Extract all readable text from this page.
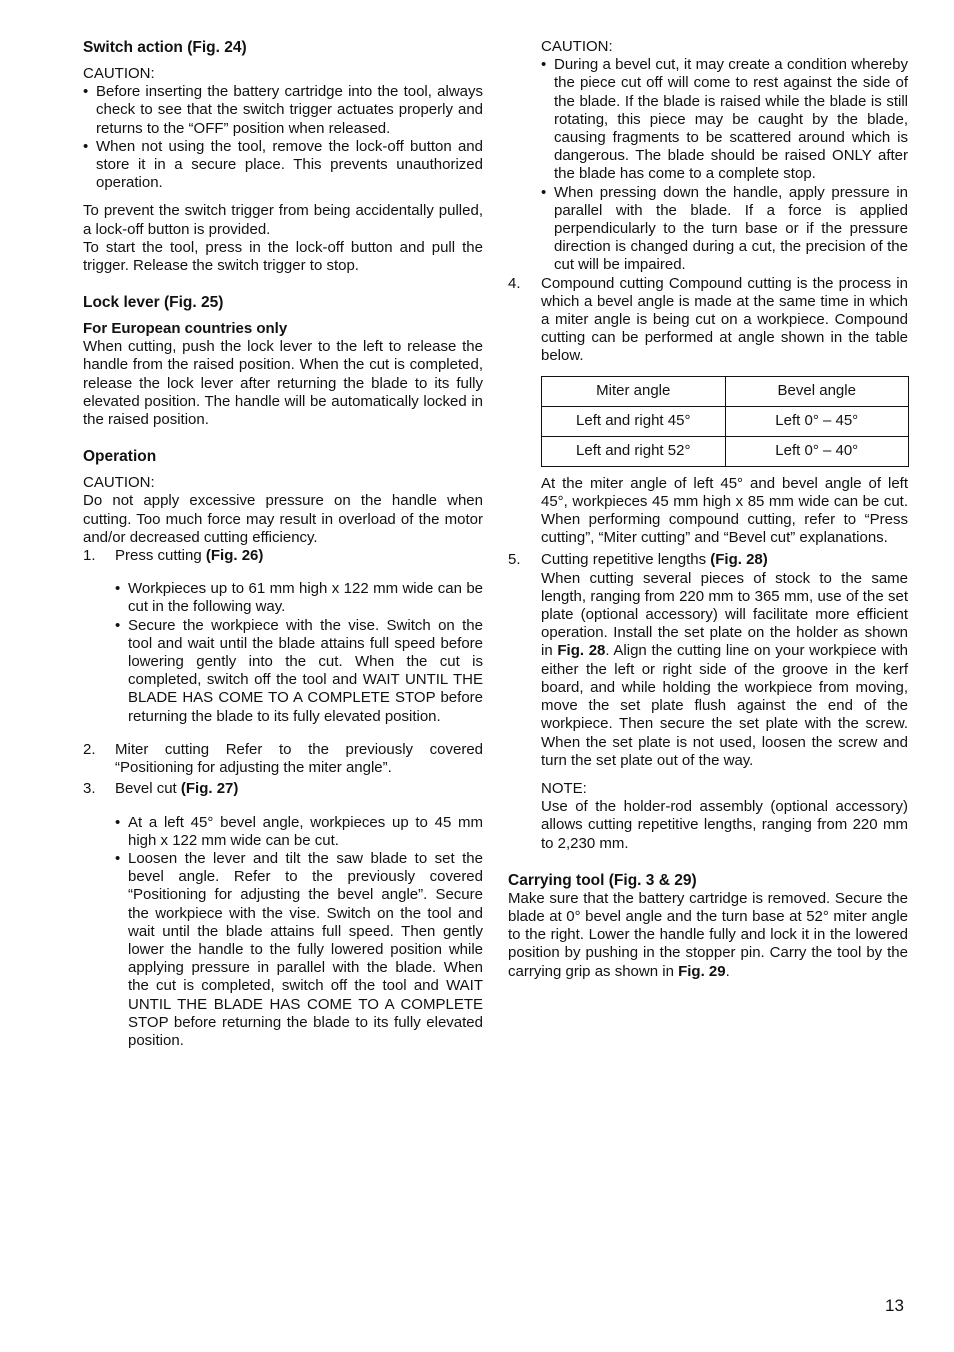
Switch action (Fig. 24)

CAUTION:

• Before inserting the battery cartridge into the tool, always check to see that the switch trigger actuates properly and returns to the “OFF” position when released.
• When not using the tool, remove the lock-off button and store it in a secure place. This prevents unauthorized operation.

To prevent the switch trigger from being accidentally pulled, a lock-off button is provided.

To start the tool, press in the lock-off button and pull the trigger. Release the switch trigger to stop.

Lock lever (Fig. 25)
For European countries only

When cutting, push the lock lever to the left to release the handle from the raised position. When the cut is completed, release the lock lever after returning the blade to its fully elevated position. The handle will be automatically locked in the raised position.

Operation

CAUTION:

Do not apply excessive pressure on the handle when cutting. Too much force may result in overload of the motor and/or decreased cutting efficiency.

1. Press cutting (Fig. 26)
• Workpieces up to 61 mm high x 122 mm wide can be cut in the following way.
• Secure the workpiece with the vise. Switch on the tool and wait until the blade attains full speed before lowering gently into the cut. When the cut is completed, switch off the tool and WAIT UNTIL THE BLADE HAS COME TO A COMPLETE STOP before returning the blade to its fully elevated position.
2. Miter cutting Refer to the previously covered “Positioning for adjusting the miter angle”.
3. Bevel cut (Fig. 27)
• At a left 45° bevel angle, workpieces up to 45 mm high x 122 mm wide can be cut.
• Loosen the lever and tilt the saw blade to set the bevel angle. Refer to the previously covered “Positioning for adjusting the bevel angle”. Secure the workpiece with the vise. Switch on the tool and wait until the blade attains full speed. Then gently lower the handle to the fully lowered position while applying pressure in parallel with the blade. When the cut is completed, switch off the tool and WAIT UNTIL THE BLADE HAS COME TO A COMPLETE STOP before returning the blade to its fully elevated position.

CAUTION:

• During a bevel cut, it may create a condition whereby the piece cut off will come to rest against the side of the blade. If the blade is raised while the blade is still rotating, this piece may be caught by the blade, causing fragments to be scattered around which is dangerous. The blade should be raised ONLY after the blade has come to a complete stop.
• When pressing down the handle, apply pressure in parallel with the blade. If a force is applied perpendicularly to the turn base or if the pressure direction is changed during a cut, the precision of the cut will be impaired.
4. Compound cutting Compound cutting is the process in which a bevel angle is made at the same time in which a miter angle is being cut on a workpiece. Compound cutting can be performed at angle shown in the table below.

Miter angle	Bevel angle
Left and right 45°	Left 0° – 45°
Left and right 52°	Left 0° – 40°

At the miter angle of left 45° and bevel angle of left 45°, workpieces 45 mm high x 85 mm wide can be cut. When performing compound cutting, refer to “Press cutting”, “Miter cutting” and “Bevel cut” explanations.

5. Cutting repetitive lengths (Fig. 28)

When cutting several pieces of stock to the same length, ranging from 220 mm to 365 mm, use of the set plate (optional accessory) will facilitate more efficient operation. Install the set plate on the holder as shown in Fig. 28. Align the cutting line on your workpiece with either the left or right side of the groove in the kerf board, and while holding the workpiece from moving, move the set plate flush against the end of the workpiece. Then secure the set plate with the screw. When the set plate is not used, loosen the screw and turn the set plate out of the way.

NOTE:

Use of the holder-rod assembly (optional accessory) allows cutting repetitive lengths, ranging from 220 mm to 2,230 mm.

Carrying tool (Fig. 3 & 29)

Make sure that the battery cartridge is removed. Secure the blade at 0° bevel angle and the turn base at 52° miter angle to the right. Lower the handle fully and lock it in the lowered position by pushing in the stopper pin. Carry the tool by the carrying grip as shown in Fig. 29.

13
